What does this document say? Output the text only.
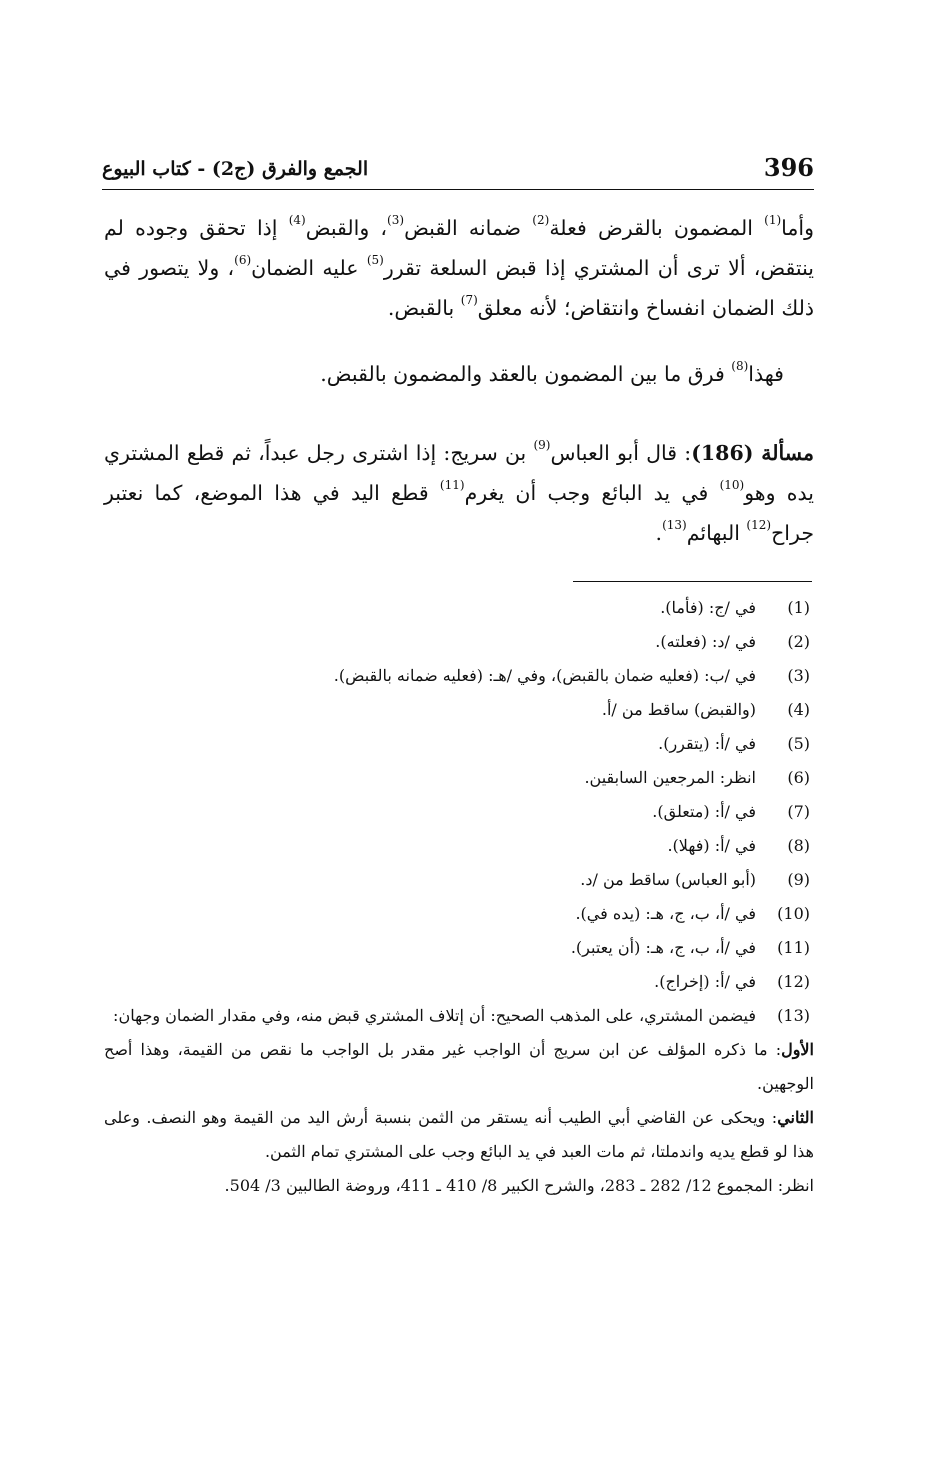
396
الجمع والفرق (ج2) - كتاب البيوع

وأما$^{(1)}$ المضمون بالقرض فعلة$^{(2)}$ ضمانه القبض$^{(3)}$، والقبض$^{(4)}$ إذا تحقق وجوده لم ينتقض، ألا ترى أن المشتري إذا قبض السلعة تقرر$^{(5)}$ عليه الضمان$^{(6)}$، ولا يتصور في ذلك الضمان انفساخ وانتقاض؛ لأنه معلق$^{(7)}$ بالقبض.

فهذا$^{(8)}$ فرق ما بين المضمون بالعقد والمضمون بالقبض.

مسألة (186): قال أبو العباس$^{(9)}$ بن سريج: إذا اشترى رجل عبداً، ثم قطع المشتري يده وهو$^{(10)}$ في يد البائع وجب أن يغرم$^{(11)}$ قطع اليد في هذا الموضع، كما نعتبر جراح$^{(12)}$ البهائم$^{(13)}$.

(1)
في /ج: (فأما).
(2)
في /د: (فعلته).
(3)
في /ب: (فعليه ضمان بالقبض)، وفي /هـ: (فعليه ضمانه بالقبض).
(4)
(والقبض) ساقط من /أ.
(5)
في /أ: (يتقرر).
(6)
انظر: المرجعين السابقين.
(7)
في /أ: (متعلق).
(8)
في /أ: (فهلا).
(9)
(أبو العباس) ساقط من /د.
(10)
في /أ، ب، ج، هـ: (يده في).
(11)
في /أ، ب، ج، هـ: (أن يعتبر).
(12)
في /أ: (إخراج).
(13)
فيضمن المشتري، على المذهب الصحيح: أن إتلاف المشتري قبض منه، وفي مقدار الضمان وجهان:
الأول: ما ذكره المؤلف عن ابن سريج أن الواجب غير مقدر بل الواجب ما نقص من القيمة، وهذا أصح الوجهين.
الثاني: ويحكى عن القاضي أبي الطيب أنه يستقر من الثمن بنسبة أرش اليد من القيمة وهو النصف. وعلى هذا لو قطع يديه واندملتا، ثم مات العبد في يد البائع وجب على المشتري تمام الثمن.
انظر: المجموع 12/ 282 ـ 283، والشرح الكبير 8/ 410 ـ 411، وروضة الطالبين 3/ 504.
